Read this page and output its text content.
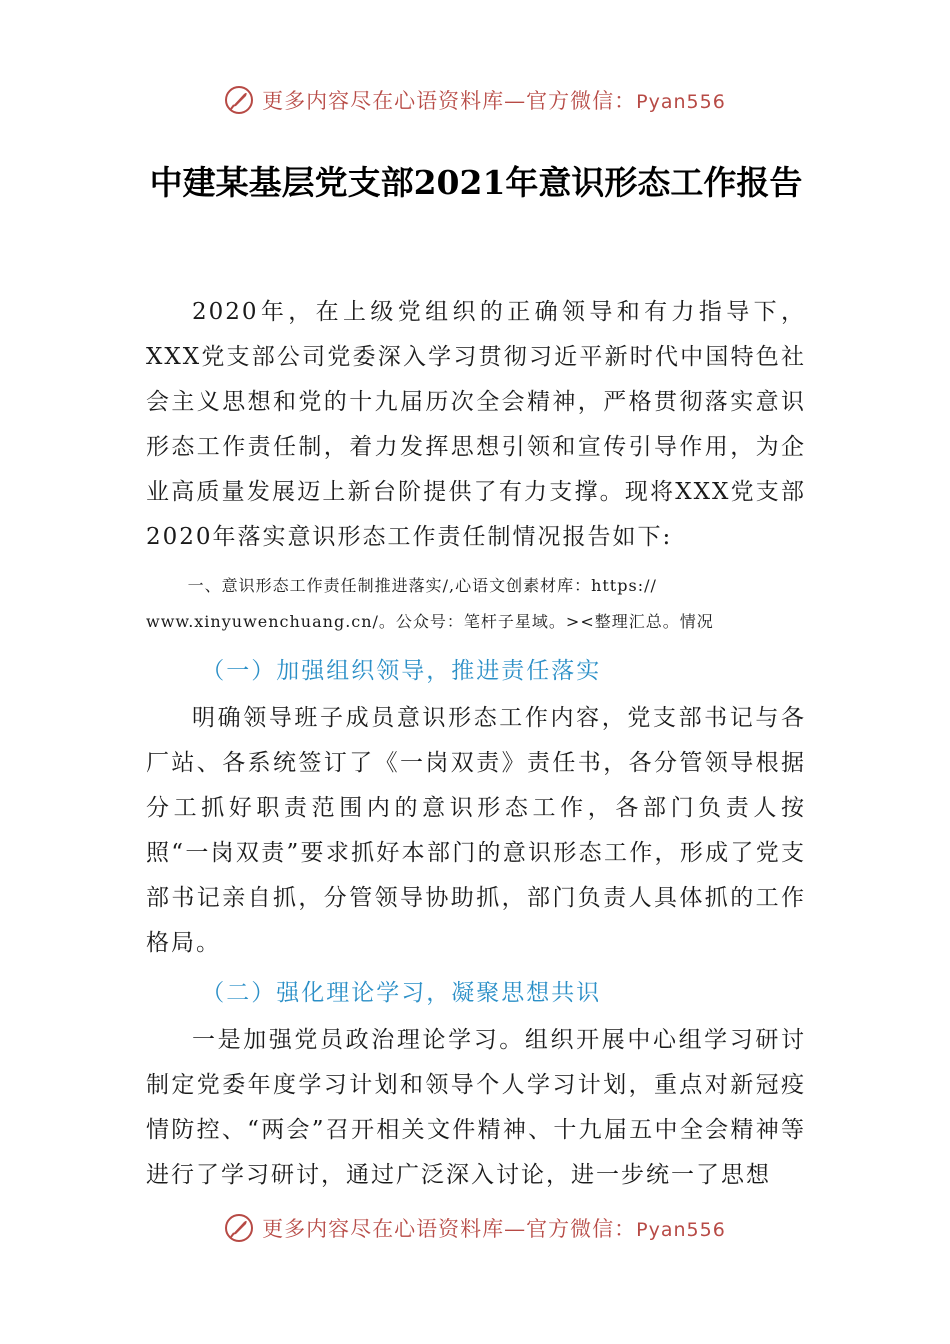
更多内容尽在心语资料库—官方微信：Pyan556
中建某基层党支部2021年意识形态工作报告

2020年，在上级党组织的正确领导和有力指导下，XXX党支部公司党委深入学习贯彻习近平新时代中国特色社会主义思想和党的十九届历次全会精神，严格贯彻落实意识形态工作责任制，着力发挥思想引领和宣传引导作用，为企业高质量发展迈上新台阶提供了有力支撑。现将XXX党支部2020年落实意识形态工作责任制情况报告如下:

一、意识形态工作责任制推进落实/,心语文创素材库：https://

www.xinyuwenchuang.cn/。公众号：笔杆子星域。><整理汇总。情况

（一）加强组织领导，推进责任落实

明确领导班子成员意识形态工作内容，党支部书记与各厂站、各系统签订了《一岗双责》责任书，各分管领导根据分工抓好职责范围内的意识形态工作，各部门负责人按照“一岗双责”要求抓好本部门的意识形态工作，形成了党支部书记亲自抓，分管领导协助抓，部门负责人具体抓的工作格局。

（二）强化理论学习，凝聚思想共识

一是加强党员政治理论学习。组织开展中心组学习研讨制定党委年度学习计划和领导个人学习计划，重点对新冠疫情防控、“两会”召开相关文件精神、十九届五中全会精神等进行了学习研讨，通过广泛深入讨论，进一步统一了思想

更多内容尽在心语资料库—官方微信：Pyan556
